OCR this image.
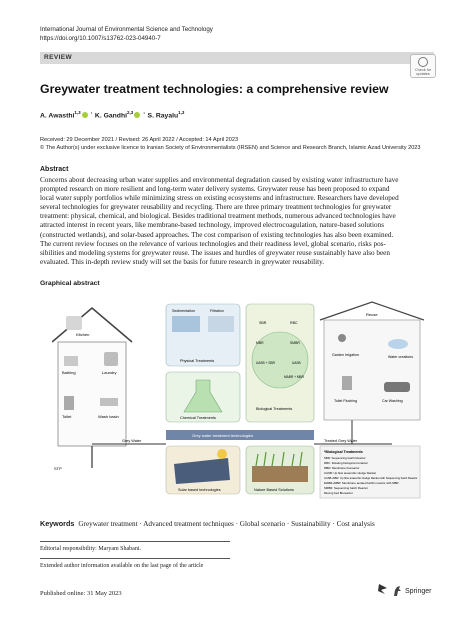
International Journal of Environmental Science and Technology
https://doi.org/10.1007/s13762-023-04940-7
REVIEW
Check for
updates
Greywater treatment technologies: a comprehensive review
A. Awasthi$^{1,3}$	· K. Gandhi$^{2,3}$	· S. Rayalu$^{1,3}$
Received: 29 December 2021 / Revised: 26 April 2022 / Accepted: 14 April 2023
© The Author(s) under exclusive licence to Iranian Society of Environmentalists (IRSEN) and Science and Research Branch, Islamic Azad University 2023
Abstract
Concerns about decreasing urban water supplies and environmental degradation caused by existing water infrastructure have
prompted research on more resilient and long-term water delivery systems. Greywater reuse has been proposed to expand
local water supply portfolios while minimizing stress on existing ecosystems and infrastructure. Researchers have developed
several technologies for greywater reusability and recycling. There are three primary treatment technologies for greywater
treatment: physical, chemical, and biological. Besides traditional treatment methods, numerous advanced technologies have
attracted interest in recent years, like membrane-based technology, improved electrocoagulation, nature-based solutions
(constructed wetlands), and solar-based approaches. The cost comparison of existing technologies has also been examined.
The current review focuses on the relevance of various technologies and their readiness level, global scenario, risks pos-
sibilities and modeling systems for greywater reuse. The issues and hurdles of greywater reuse sustainably have also been
evaluated. This in-depth review study will set the basis for future research in greywater reusability.
Graphical abstract
Kitchen
Bathing	Laundry
Toilet	Wash basin
STP
Sedimentation	Filtration
Physical Treatments
Chemical Treatments
SBR	RBC
MBR	SMBR
UASB + SBR	UASB
MABR + MBR
Biological Treatments
Grey water treatment technologies
Grey Water	Treated Grey Water
Solar based technologies	Nature Based Solutions
*Biological Treatments
SBR: Sequencing batch Reactor
RBC: Rotating biological contactor
MBR: Membrane bioreactor
UASB: Up flow anaerobic sludge blanket
UASB+SBR: Up flow anaerobic sludge blanket with Sequencing batch Reactor
MABR+MBR: Membrane aerated biofilm reactor with MBR
SMBR: Sequencing batch Reactor
Moving bed Bioreactor
Reuse
Garden Irrigation	Water creations
Toilet Flushing	Car Washing
Keywords Greywater treatment · Advanced treatment techniques · Global scenario · Sustainability · Cost analysis
Editorial responsibility: Maryam Shabani.
Extended author information available on the last page of the article
Published online: 31 May 2023	Springer
